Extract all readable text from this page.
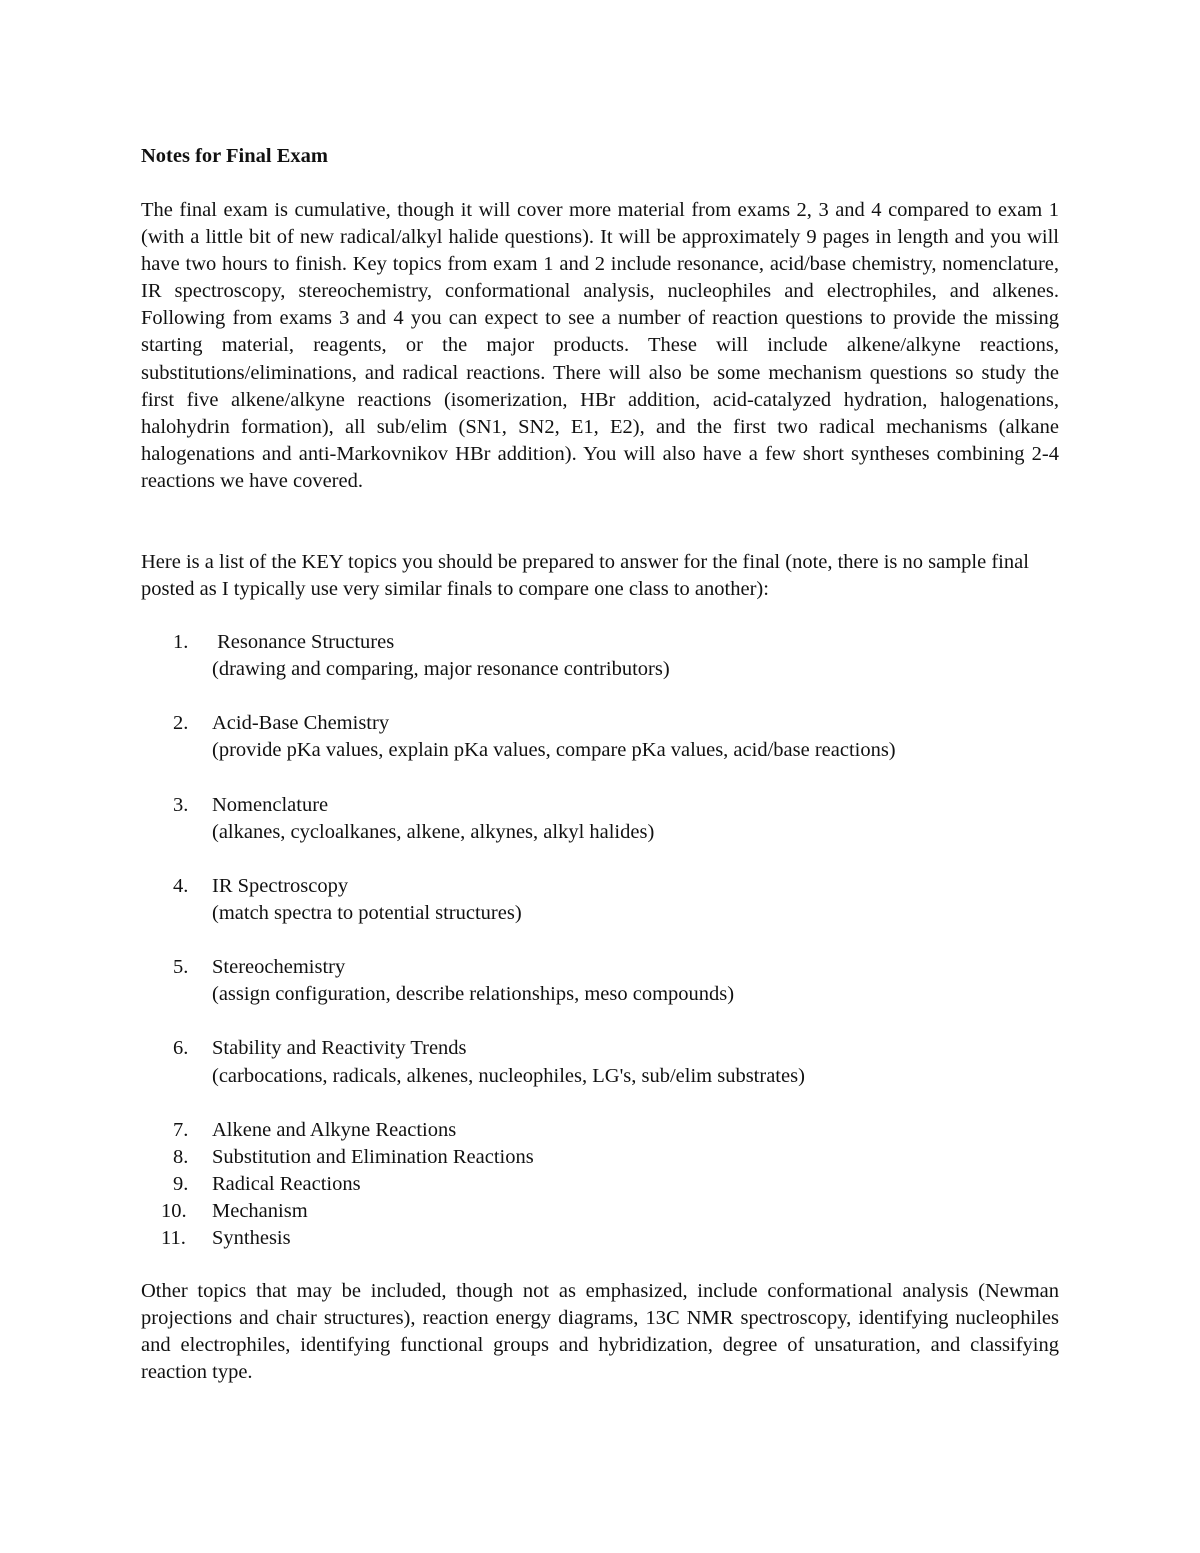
Notes for Final Exam

The final exam is cumulative, though it will cover more material from exams 2, 3 and 4 compared to exam 1 (with a little bit of new radical/alkyl halide questions). It will be approximately 9 pages in length and you will have two hours to finish. Key topics from exam 1 and 2 include resonance, acid/base chemistry, nomenclature, IR spectroscopy, stereochemistry, conformational analysis, nucleophiles and electrophiles, and alkenes. Following from exams 3 and 4 you can expect to see a number of reaction questions to provide the missing starting material, reagents, or the major products. These will include alkene/alkyne reactions, substitutions/eliminations, and radical reactions. There will also be some mechanism questions so study the first five alkene/alkyne reactions (isomerization, HBr addition, acid-catalyzed hydration, halogenations, halohydrin formation), all sub/elim (SN1, SN2, E1, E2), and the first two radical mechanisms (alkane halogenations and anti-Markovnikov HBr addition). You will also have a few short syntheses combining 2-4 reactions we have covered.

Here is a list of the KEY topics you should be prepared to answer for the final (note, there is no sample final posted as I typically use very similar finals to compare one class to another):

1.	Resonance Structures
(drawing and comparing, major resonance contributors)
2.	Acid-Base Chemistry
(provide pKa values, explain pKa values, compare pKa values, acid/base reactions)
3.	Nomenclature
(alkanes, cycloalkanes, alkene, alkynes, alkyl halides)
4.	IR Spectroscopy
(match spectra to potential structures)
5.	Stereochemistry
(assign configuration, describe relationships, meso compounds)
6.	Stability and Reactivity Trends
(carbocations, radicals, alkenes, nucleophiles, LG's, sub/elim substrates)
7.	Alkene and Alkyne Reactions
8.	Substitution and Elimination Reactions
9.	Radical Reactions
10.	Mechanism
11.	Synthesis

Other topics that may be included, though not as emphasized, include conformational analysis (Newman projections and chair structures), reaction energy diagrams, 13C NMR spectroscopy, identifying nucleophiles and electrophiles, identifying functional groups and hybridization, degree of unsaturation, and classifying reaction type.
